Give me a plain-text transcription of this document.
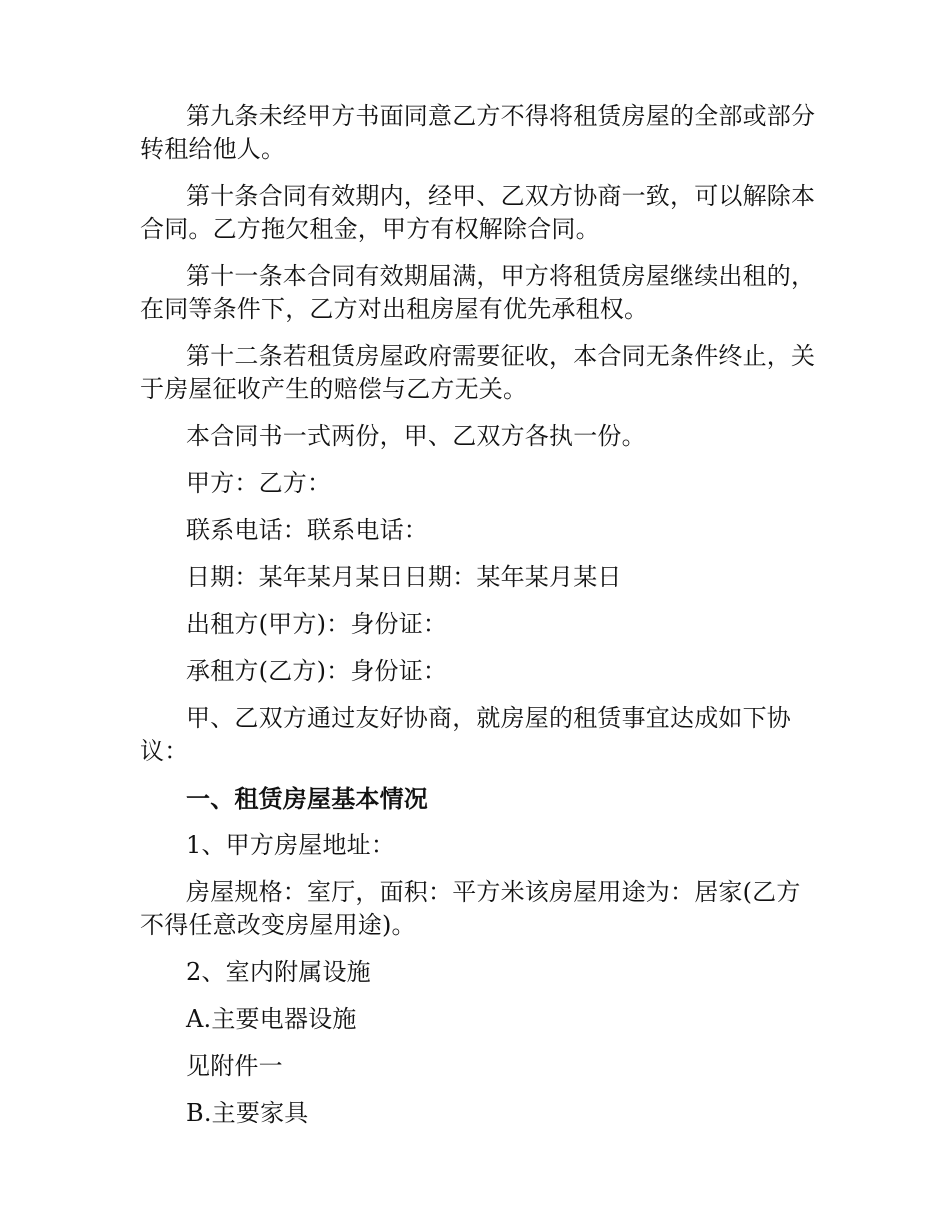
第九条未经甲方书面同意乙方不得将租赁房屋的全部或部分转租给他人。

第十条合同有效期内，经甲、乙双方协商一致，可以解除本合同。乙方拖欠租金，甲方有权解除合同。

第十一条本合同有效期届满，甲方将租赁房屋继续出租的，在同等条件下，乙方对出租房屋有优先承租权。

第十二条若租赁房屋政府需要征收，本合同无条件终止，关于房屋征收产生的赔偿与乙方无关。

本合同书一式两份，甲、乙双方各执一份。

甲方：乙方：

联系电话：联系电话：

日期：某年某月某日日期：某年某月某日

出租方(甲方)：身份证：

承租方(乙方)：身份证：

甲、乙双方通过友好协商，就房屋的租赁事宜达成如下协议：

一、租赁房屋基本情况

1、甲方房屋地址：

房屋规格：室厅，面积：平方米该房屋用途为：居家(乙方不得任意改变房屋用途)。

2、室内附属设施

A.主要电器设施

见附件一

B.主要家具
